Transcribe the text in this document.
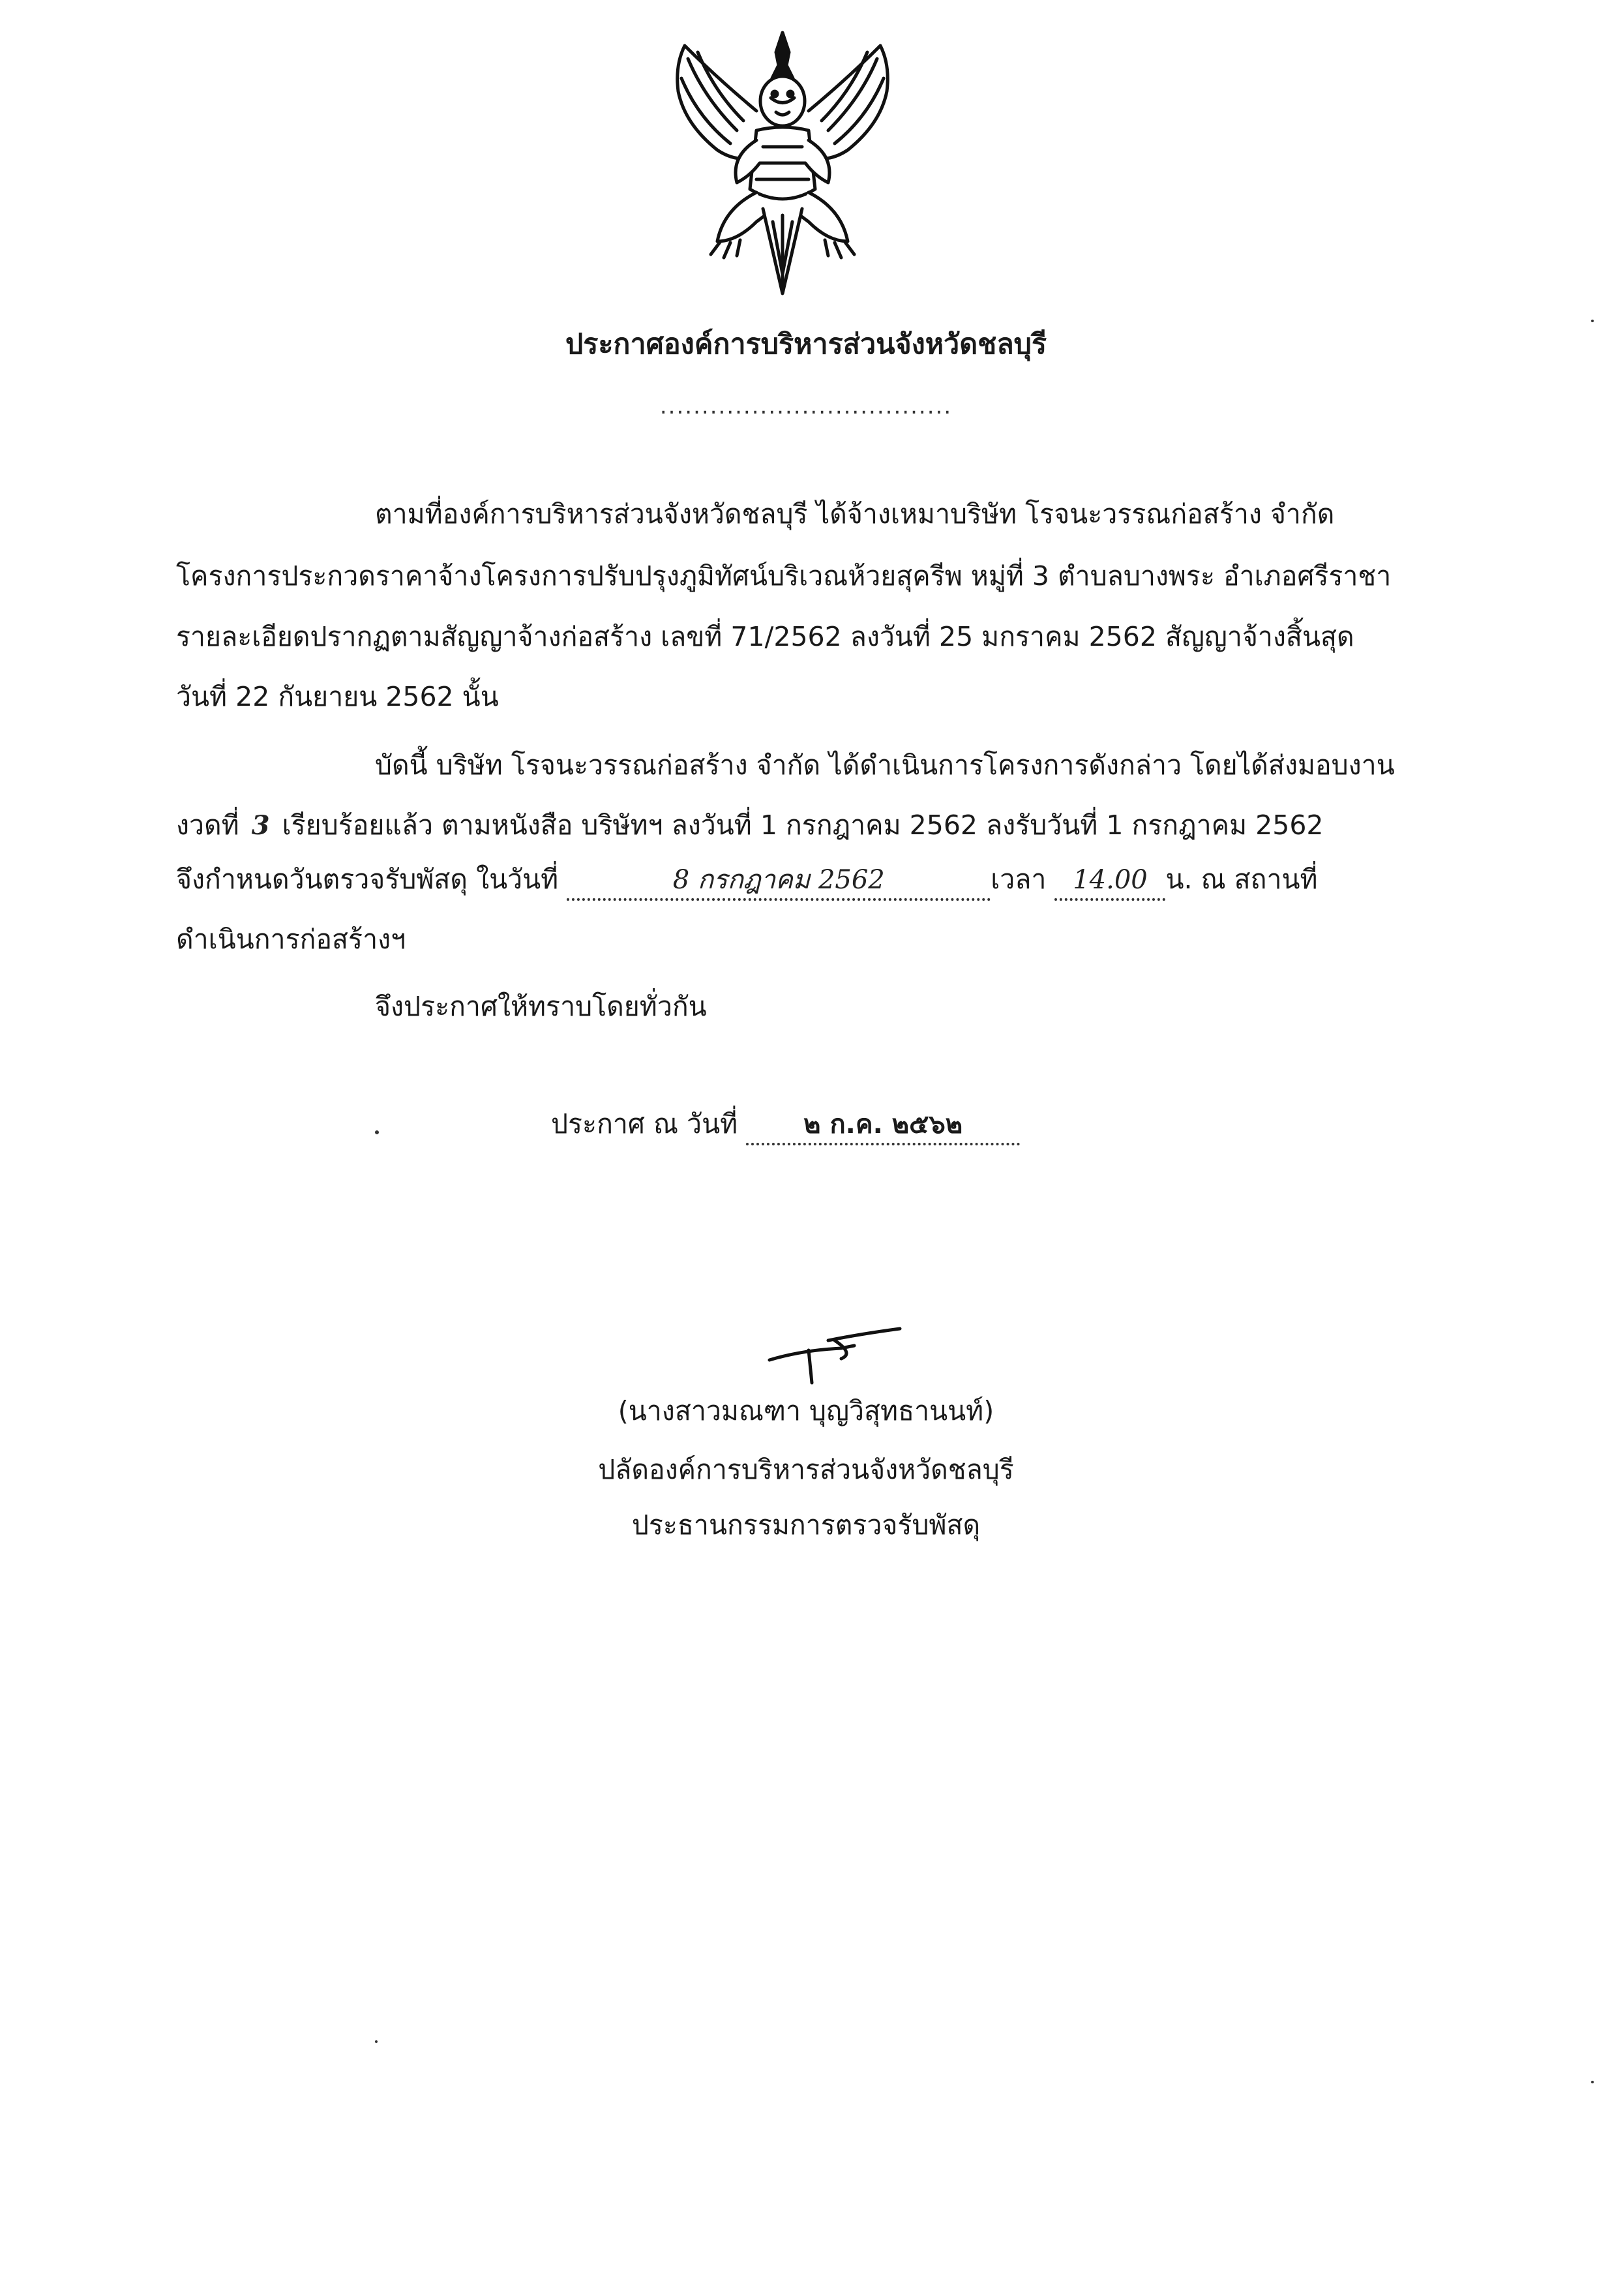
ประกาศองค์การบริหารส่วนจังหวัดชลบุรี
...................................
ตามที่องค์การบริหารส่วนจังหวัดชลบุรี ได้จ้างเหมาบริษัท โรจนะวรรณก่อสร้าง จำกัด
โครงการประกวดราคาจ้างโครงการปรับปรุงภูมิทัศน์บริเวณห้วยสุครีพ หมู่ที่ 3 ตำบลบางพระ อำเภอศรีราชา
รายละเอียดปรากฏตามสัญญาจ้างก่อสร้าง เลขที่ 71/2562 ลงวันที่ 25 มกราคม 2562 สัญญาจ้างสิ้นสุด
วันที่ 22 กันยายน 2562 นั้น
บัดนี้ บริษัท โรจนะวรรณก่อสร้าง จำกัด ได้ดำเนินการโครงการดังกล่าว โดยได้ส่งมอบงาน
งวดที่ 3 เรียบร้อยแล้ว ตามหนังสือ บริษัทฯ ลงวันที่ 1 กรกฎาคม 2562 ลงรับวันที่ 1 กรกฎาคม 2562
จึงกำหนดวันตรวจรับพัสดุ ในวันที่	8 กรกฎาคม 2562	เวลา 14.00 น. ณ สถานที่
ดำเนินการก่อสร้างฯ
จึงประกาศให้ทราบโดยทั่วกัน
ประกาศ ณ วันที่	๒ ก.ค. ๒๕๖๒
(นางสาวมณฑา บุญวิสุทธานนท์)
ปลัดองค์การบริหารส่วนจังหวัดชลบุรี
ประธานกรรมการตรวจรับพัสดุ
